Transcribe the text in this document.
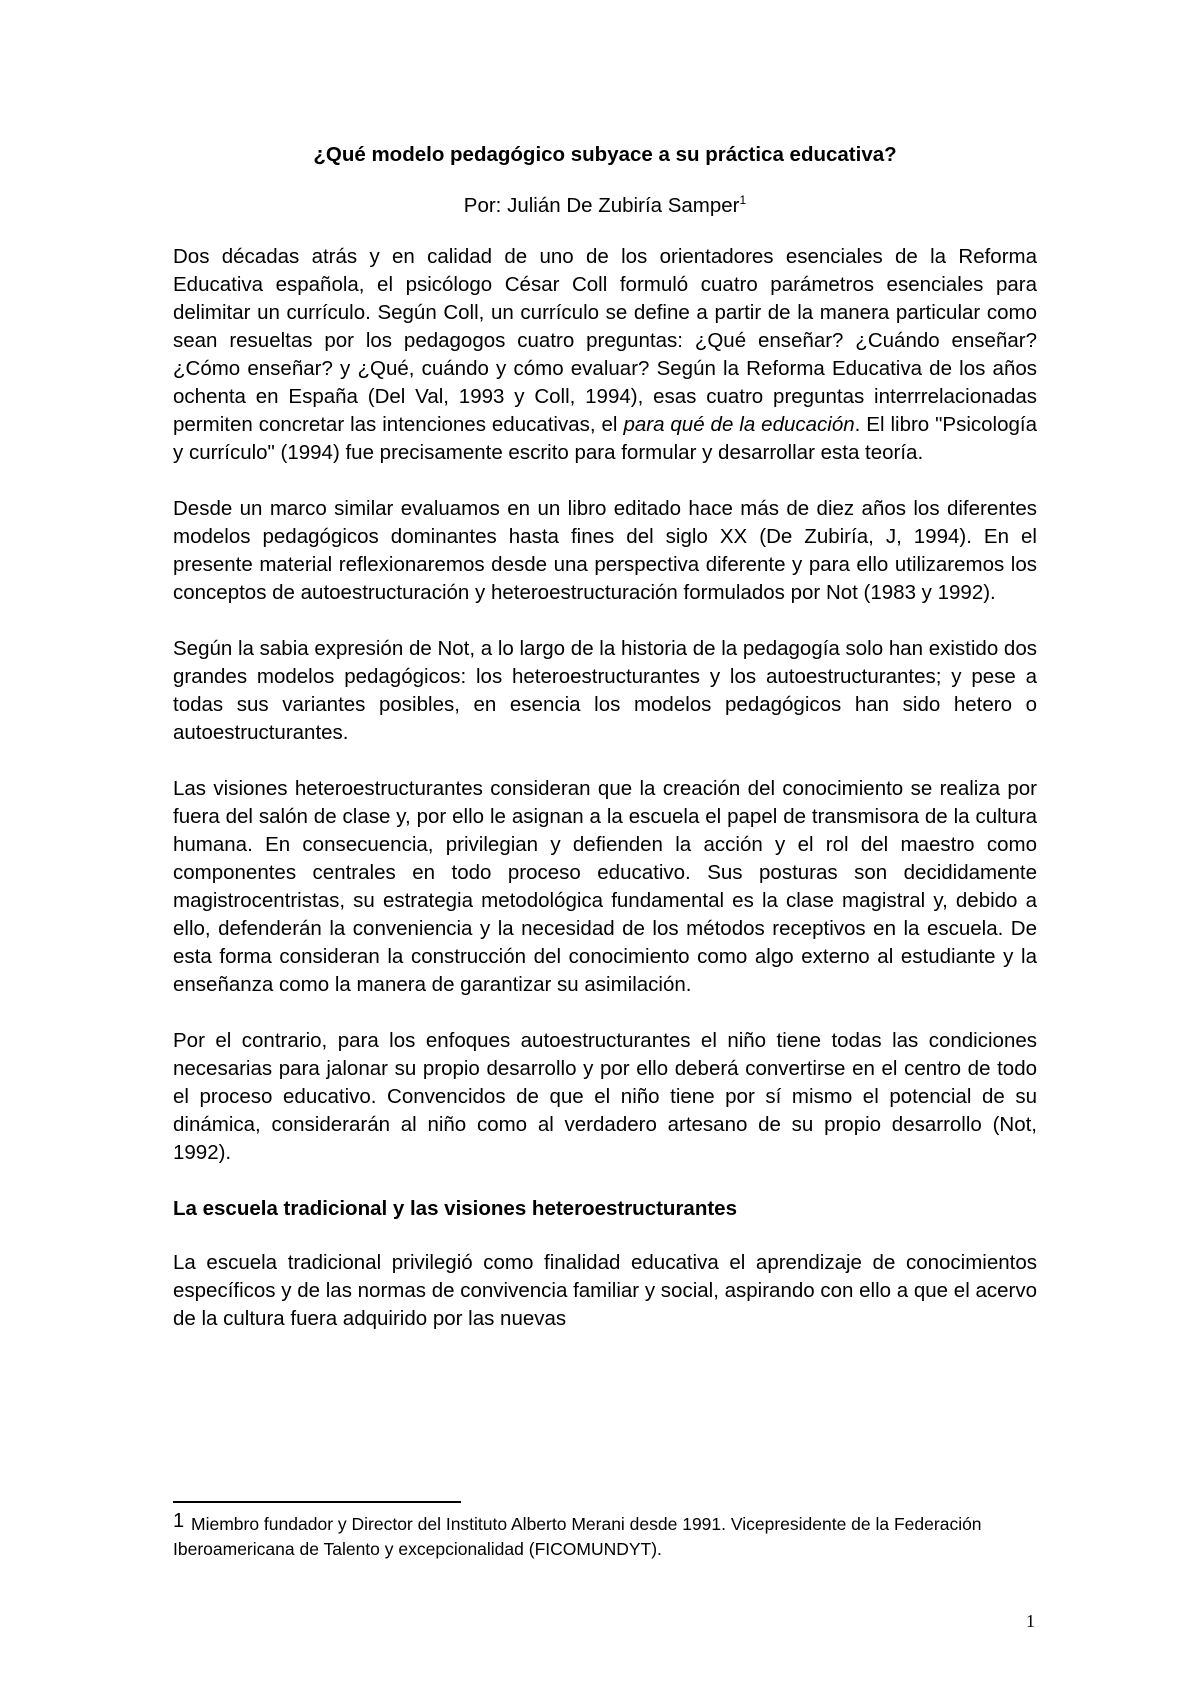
¿Qué modelo pedagógico subyace a su práctica educativa?
Por: Julián De Zubiría Samper$^1$

Dos décadas atrás y en calidad de uno de los orientadores esenciales de la Reforma Educativa española, el psicólogo César Coll formuló cuatro parámetros esenciales para delimitar un currículo. Según Coll, un currículo se define a partir de la manera particular como sean resueltas por los pedagogos cuatro preguntas: ¿Qué enseñar? ¿Cuándo enseñar? ¿Cómo enseñar? y ¿Qué, cuándo y cómo evaluar? Según la Reforma Educativa de los años ochenta en España (Del Val, 1993 y Coll, 1994), esas cuatro preguntas interrrelacionadas permiten concretar las intenciones educativas, el para qué de la educación. El libro "Psicología y currículo" (1994) fue precisamente escrito para formular y desarrollar esta teoría.

Desde un marco similar evaluamos en un libro editado hace más de diez años los diferentes modelos pedagógicos dominantes hasta fines del siglo XX (De Zubiría, J, 1994). En el presente material reflexionaremos desde una perspectiva diferente y para ello utilizaremos los conceptos de autoestructuración y heteroestructuración formulados por Not (1983 y 1992).

Según la sabia expresión de Not, a lo largo de la historia de la pedagogía solo han existido dos grandes modelos pedagógicos: los heteroestructurantes y los autoestructurantes; y pese a todas sus variantes posibles, en esencia los modelos pedagógicos han sido hetero o autoestructurantes.

Las visiones heteroestructurantes consideran que la creación del conocimiento se realiza por fuera del salón de clase y, por ello le asignan a la escuela el papel de transmisora de la cultura humana. En consecuencia, privilegian y defienden la acción y el rol del maestro como componentes centrales en todo proceso educativo. Sus posturas son decididamente magistrocentristas, su estrategia metodológica fundamental es la clase magistral y, debido a ello, defenderán la conveniencia y la necesidad de los métodos receptivos en la escuela. De esta forma consideran la construcción del conocimiento como algo externo al estudiante y la enseñanza como la manera de garantizar su asimilación.

Por el contrario, para los enfoques autoestructurantes el niño tiene todas las condiciones necesarias para jalonar su propio desarrollo y por ello deberá convertirse en el centro de todo el proceso educativo. Convencidos de que el niño tiene por sí mismo el potencial de su dinámica, considerarán al niño como al verdadero artesano de su propio desarrollo (Not, 1992).

La escuela tradicional y las visiones heteroestructurantes

La escuela tradicional privilegió como finalidad educativa el aprendizaje de conocimientos específicos y de las normas de convivencia familiar y social, aspirando con ello a que el acervo de la cultura fuera adquirido por las nuevas

1 Miembro fundador y Director del Instituto Alberto Merani desde 1991. Vicepresidente de la Federación Iberoamericana de Talento y excepcionalidad (FICOMUNDYT).
1
